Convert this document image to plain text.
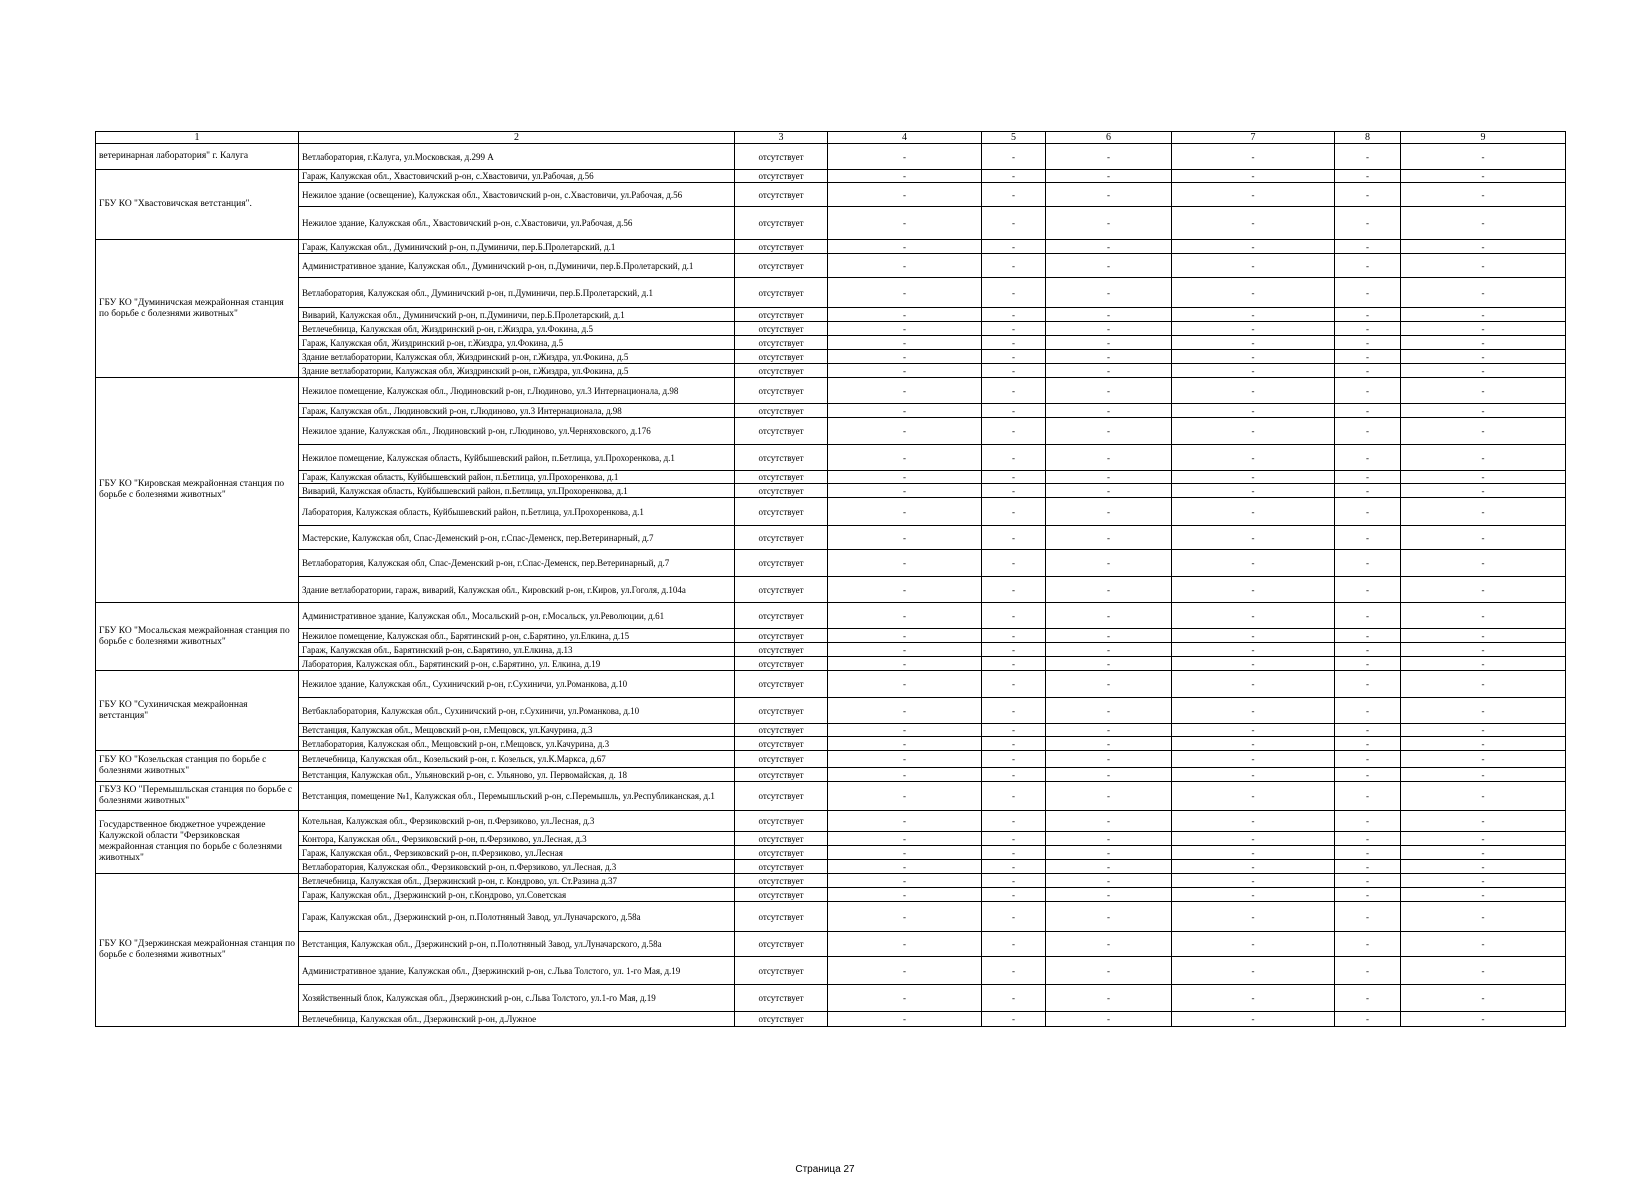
1	2	3	4	5	6	7	8	9
ветеринарная лаборатория" г. Калуга	Ветлаборатория, г.Калуга, ул.Московская, д.299 А	отсутствует	-	-	-	-	-	-
ГБУ КО "Хвастовичская ветстанция".	Гараж, Калужская обл., Хвастовичский р-он, с.Хвастовичи, ул.Рабочая, д.56	отсутствует	-	-	-	-	-	-
	Нежилое здание (освещение), Калужская обл., Хвастовичский р-он, с.Хвастовичи, ул.Рабочая, д.56	отсутствует	-	-	-	-	-	-
	Нежилое здание, Калужская обл., Хвастовичский р-он, с.Хвастовичи, ул.Рабочая, д.56	отсутствует	-	-	-	-	-	-
ГБУ КО "Думиничская межрайонная станция по борьбе с болезнями животных"	Гараж, Калужская обл., Думиничский р-он, п.Думиничи, пер.Б.Пролетарский, д.1	отсутствует	-	-	-	-	-	-
	Административное здание, Калужская обл., Думиничский р-он, п.Думиничи, пер.Б.Пролетарский, д.1	отсутствует	-	-	-	-	-	-
	Ветлаборатория, Калужская обл., Думиничский р-он, п.Думиничи, пер.Б.Пролетарский, д.1	отсутствует	-	-	-	-	-	-
	Виварий, Калужская обл., Думиничский р-он, п.Думиничи, пер.Б.Пролетарский, д.1	отсутствует	-	-	-	-	-	-
	Ветлечебница, Калужская обл, Жиздринский р-он, г.Жиздра, ул.Фокина, д.5	отсутствует	-	-	-	-	-	-
	Гараж, Калужская обл, Жиздринский р-он, г.Жиздра, ул.Фокина, д.5	отсутствует	-	-	-	-	-	-
	Здание ветлаборатории, Калужская обл, Жиздринский р-он, г.Жиздра, ул.Фокина, д.5	отсутствует	-	-	-	-	-	-
	Здание ветлаборатории, Калужская обл, Жиздринский р-он, г.Жиздра, ул.Фокина, д.5	отсутствует	-	-	-	-	-	-
ГБУ КО "Кировская межрайонная станция по борьбе с болезнями животных"	Нежилое помещение, Калужская обл., Людиновский р-он, г.Людиново, ул.3 Интернационала, д.98	отсутствует	-	-	-	-	-	-
	Гараж, Калужская обл., Людиновский р-он, г.Людиново, ул.3 Интернационала, д.98	отсутствует	-	-	-	-	-	-
	Нежилое здание, Калужская обл., Людиновский р-он, г.Людиново, ул.Черняховского, д.176	отсутствует	-	-	-	-	-	-
	Нежилое помещение, Калужская область, Куйбышевский район, п.Бетлица, ул.Прохоренкова, д.1	отсутствует	-	-	-	-	-	-
	Гараж, Калужская область, Куйбышевский район, п.Бетлица, ул.Прохоренкова, д.1	отсутствует	-	-	-	-	-	-
	Виварий, Калужская область, Куйбышевский район, п.Бетлица, ул.Прохоренкова, д.1	отсутствует	-	-	-	-	-	-
	Лаборатория, Калужская область, Куйбышевский район, п.Бетлица, ул.Прохоренкова, д.1	отсутствует	-	-	-	-	-	-
	Мастерские, Калужская обл, Спас-Деменский р-он, г.Спас-Деменск, пер.Ветеринарный, д.7	отсутствует	-	-	-	-	-	-
	Ветлаборатория, Калужская обл, Спас-Деменский р-он, г.Спас-Деменск, пер.Ветеринарный, д.7	отсутствует	-	-	-	-	-	-
	Здание ветлаборатории, гараж, виварий, Калужская обл., Кировский р-он, г.Киров, ул.Гоголя, д.104а	отсутствует	-	-	-	-	-	-
ГБУ КО "Мосальская межрайонная станция по борьбе с болезнями животных"	Административное здание, Калужская обл., Мосальский р-он, г.Мосальск, ул.Революции, д.61	отсутствует	-	-	-	-	-	-
	Нежилое помещение, Калужская обл., Барятинский р-он, с.Барятино, ул.Елкина, д.15	отсутствует	-	-	-	-	-	-
	Гараж, Калужская обл., Барятинский р-он, с.Барятино, ул.Елкина, д.13	отсутствует	-	-	-	-	-	-
	Лаборатория, Калужская обл., Барятинский р-он, с.Барятино, ул. Елкина, д.19	отсутствует	-	-	-	-	-	-
ГБУ КО "Сухиничская межрайонная ветстанция"	Нежилое здание, Калужская обл., Сухиничский р-он, г.Сухиничи, ул.Романкова, д.10	отсутствует	-	-	-	-	-	-
	Ветбаклаборатория, Калужская обл., Сухиничский р-он, г.Сухиничи, ул.Романкова, д.10	отсутствует	-	-	-	-	-	-
	Ветстанция, Калужская обл., Мещовский р-он, г.Мещовск, ул.Качурина, д.3	отсутствует	-	-	-	-	-	-
	Ветлаборатория, Калужская обл., Мещовский р-он, г.Мещовск, ул.Качурина, д.3	отсутствует	-	-	-	-	-	-
ГБУ КО "Козельская станция по борьбе с болезнями животных"	Ветлечебница, Калужская обл., Козельский р-он, г. Козельск, ул.К.Маркса, д.67	отсутствует	-	-	-	-	-	-
	Ветстанция, Калужская обл., Ульяновский р-он, с. Ульяново, ул. Первомайская, д. 18	отсутствует	-	-	-	-	-	-
ГБУЗ КО "Перемышльская станция по борьбе с болезнями животных"	Ветстанция, помещение №1, Калужская обл., Перемышльский р-он, с.Перемышль, ул.Республиканская, д.1	отсутствует	-	-	-	-	-	-
Государственное бюджетное учреждение Калужской области "Ферзиковская межрайонная станция по борьбе с болезнями животных"	Котельная, Калужская обл., Ферзиковский р-он, п.Ферзиково, ул.Лесная, д.3	отсутствует	-	-	-	-	-	-
	Контора, Калужская обл., Ферзиковский р-он, п.Ферзиково, ул.Лесная, д.3	отсутствует	-	-	-	-	-	-
	Гараж, Калужская обл., Ферзиковский р-он, п.Ферзиково, ул.Лесная	отсутствует	-	-	-	-	-	-
	Ветлаборатория, Калужская обл., Ферзиковский р-он, п.Ферзиково, ул.Лесная, д.3	отсутствует	-	-	-	-	-	-
ГБУ КО "Дзержинская межрайонная станция по борьбе с болезнями животных"	Ветлечебница, Калужская обл., Дзержинский р-он, г. Кондрово, ул. Ст.Разина д.37	отсутствует	-	-	-	-	-	-
	Гараж, Калужская обл., Дзержинский р-он, г.Кондрово, ул.Советская	отсутствует	-	-	-	-	-	-
	Гараж, Калужская обл., Дзержинский р-он, п.Полотняный Завод, ул.Луначарского, д.58а	отсутствует	-	-	-	-	-	-
	Ветстанция, Калужская обл., Дзержинский р-он, п.Полотняный Завод, ул.Луначарского, д.58а	отсутствует	-	-	-	-	-	-
	Административное здание, Калужская обл., Дзержинский р-он, с.Льва Толстого, ул. 1-го Мая, д.19	отсутствует	-	-	-	-	-	-
	Хозяйственный блок, Калужская обл., Дзержинский р-он, с.Льва Толстого, ул.1-го Мая, д.19	отсутствует	-	-	-	-	-	-
	Ветлечебница, Калужская обл., Дзержинский р-он, д.Лужное	отсутствует	-	-	-	-	-	-
Страница 27
